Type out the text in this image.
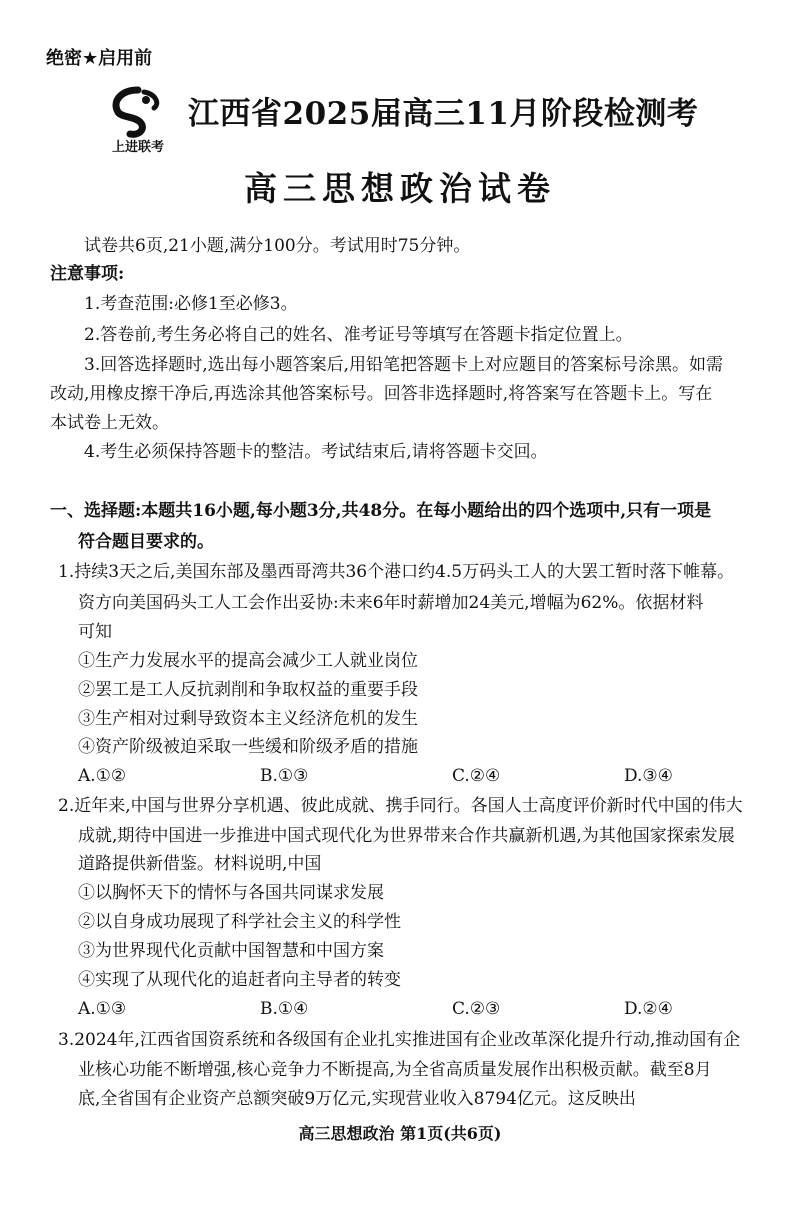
绝密★启用前
上进联考
江西省2025届高三11月阶段检测考
高三思想政治试卷
试卷共6页,21小题,满分100分。考试用时75分钟。
注意事项:
1.考查范围:必修1至必修3。
2.答卷前,考生务必将自己的姓名、准考证号等填写在答题卡指定位置上。
3.回答选择题时,选出每小题答案后,用铅笔把答题卡上对应题目的答案标号涂黑。如需
改动,用橡皮擦干净后,再选涂其他答案标号。回答非选择题时,将答案写在答题卡上。写在
本试卷上无效。
4.考生必须保持答题卡的整洁。考试结束后,请将答题卡交回。
一、选择题:本题共16小题,每小题3分,共48分。在每小题给出的四个选项中,只有一项是
符合题目要求的。
1.持续3天之后,美国东部及墨西哥湾共36个港口约4.5万码头工人的大罢工暂时落下帷幕。
资方向美国码头工人工会作出妥协:未来6年时薪增加24美元,增幅为62%。依据材料
可知
①生产力发展水平的提高会减少工人就业岗位
②罢工是工人反抗剥削和争取权益的重要手段
③生产相对过剩导致资本主义经济危机的发生
④资产阶级被迫采取一些缓和阶级矛盾的措施
A.①②	B.①③	C.②④	D.③④
2.近年来,中国与世界分享机遇、彼此成就、携手同行。各国人士高度评价新时代中国的伟大
成就,期待中国进一步推进中国式现代化为世界带来合作共赢新机遇,为其他国家探索发展
道路提供新借鉴。材料说明,中国
①以胸怀天下的情怀与各国共同谋求发展
②以自身成功展现了科学社会主义的科学性
③为世界现代化贡献中国智慧和中国方案
④实现了从现代化的追赶者向主导者的转变
A.①③	B.①④	C.②③	D.②④
3.2024年,江西省国资系统和各级国有企业扎实推进国有企业改革深化提升行动,推动国有企
业核心功能不断增强,核心竞争力不断提高,为全省高质量发展作出积极贡献。截至8月
底,全省国有企业资产总额突破9万亿元,实现营业收入8794亿元。这反映出
高三思想政治 第1页(共6页)
